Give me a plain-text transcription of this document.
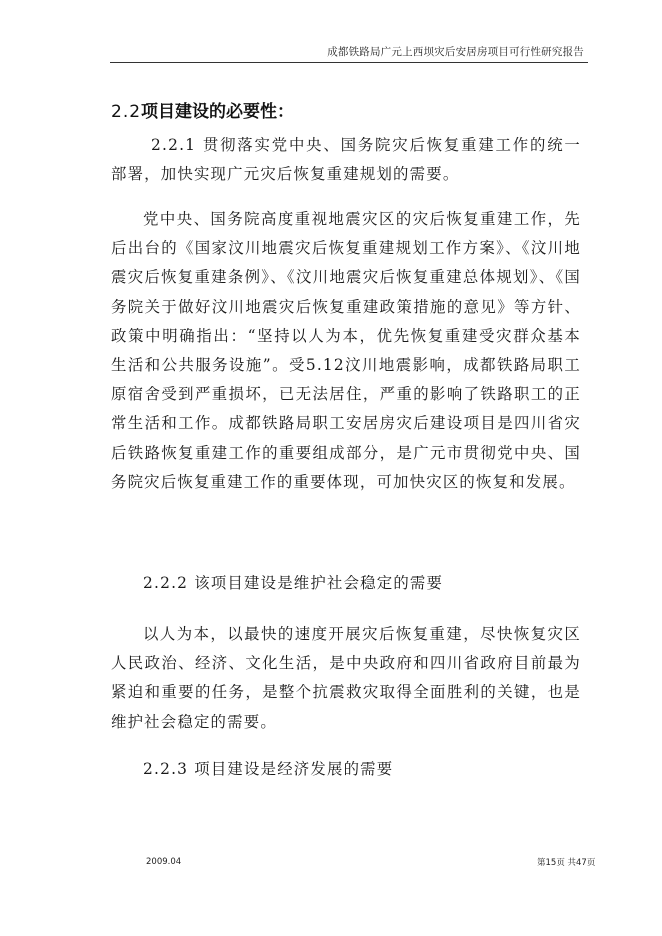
成都铁路局广元上西坝灾后安居房项目可行性研究报告
2.2项目建设的必要性：

2.2.1 贯彻落实党中央、国务院灾后恢复重建工作的统一部署，加快实现广元灾后恢复重建规划的需要。

党中央、国务院高度重视地震灾区的灾后恢复重建工作，先后出台的《国家汶川地震灾后恢复重建规划工作方案》、《汶川地震灾后恢复重建条例》、《汶川地震灾后恢复重建总体规划》、《国务院关于做好汶川地震灾后恢复重建政策措施的意见》等方针、政策中明确指出：“坚持以人为本，优先恢复重建受灾群众基本生活和公共服务设施”。受5.12汶川地震影响，成都铁路局职工原宿舍受到严重损坏，已无法居住，严重的影响了铁路职工的正常生活和工作。成都铁路局职工安居房灾后建设项目是四川省灾后铁路恢复重建工作的重要组成部分，是广元市贯彻党中央、国务院灾后恢复重建工作的重要体现，可加快灾区的恢复和发展。

2.2.2 该项目建设是维护社会稳定的需要

以人为本，以最快的速度开展灾后恢复重建，尽快恢复灾区人民政治、经济、文化生活，是中央政府和四川省政府目前最为紧迫和重要的任务，是整个抗震救灾取得全面胜利的关键，也是维护社会稳定的需要。

2.2.3 项目建设是经济发展的需要

2009.04	第15页 共47页
